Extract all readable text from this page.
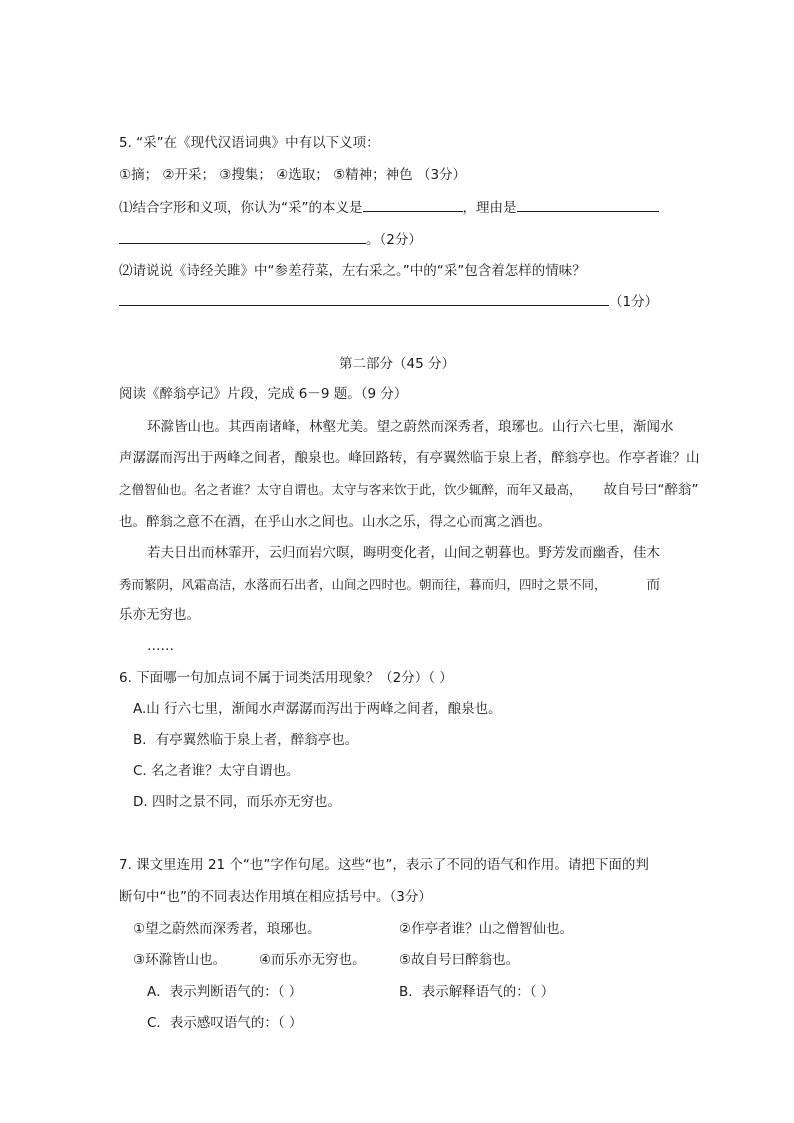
5. “采”在《现代汉语词典》中有以下义项：
①摘； ②开采； ③搜集； ④选取； ⑤精神；神色 （3分）
⑴结合字形和义项，你认为“采”的本义是	，理由是
。（2分）
⑵请说说《诗经关雎》中“参差荇菜，左右采之。”中的“采”包含着怎样的情味？
（1分）
第二部分（45 分）
阅读《醉翁亭记》片段，完成 6－9 题。（9 分）
环滁皆山也。其西南诸峰，林壑尤美。望之蔚然而深秀者，琅琊也。山行六七里，渐闻水
声潺潺而泻出于两峰之间者，酿泉也。峰回路转，有亭翼然临于泉上者，醉翁亭也。作亭者谁？山
之僧智仙也。名之者谁？太守自谓也。太守与客来饮于此，饮少辄醉，而年又最高， 故自号曰“醉翁”
也。醉翁之意不在酒，在乎山水之间也。山水之乐，得之心而寓之酒也。
若夫日出而林霏开，云归而岩穴暝，晦明变化者，山间之朝暮也。野芳发而幽香，佳木
秀而繁阴，风霜高洁，水落而石出者，山间之四时也。朝而往，暮而归，四时之景不同，	而
乐亦无穷也。
……
6. 下面哪一句加点词不属于词类活用现象？（2分）（ ）
A.山 行六七里，渐闻水声潺潺而泻出于两峰之间者，酿泉也。
B．有亭翼然临于泉上者，醉翁亭也。
C. 名之者谁？太守自谓也。
D. 四时之景不同，而乐亦无穷也。
7. 课文里连用 21 个“也”字作句尾。这些“也”，表示了不同的语气和作用。请把下面的判
断句中“也”的不同表达作用填在相应括号中。（3分）
①望之蔚然而深秀者，琅琊也。	②作亭者谁？山之僧智仙也。
③环滁皆山也。 ④而乐亦无穷也。 ⑤故自号曰醉翁也。
A．表示判断语气的：（ ）	B．表示解释语气的：（ ）
C．表示感叹语气的：（ ）
